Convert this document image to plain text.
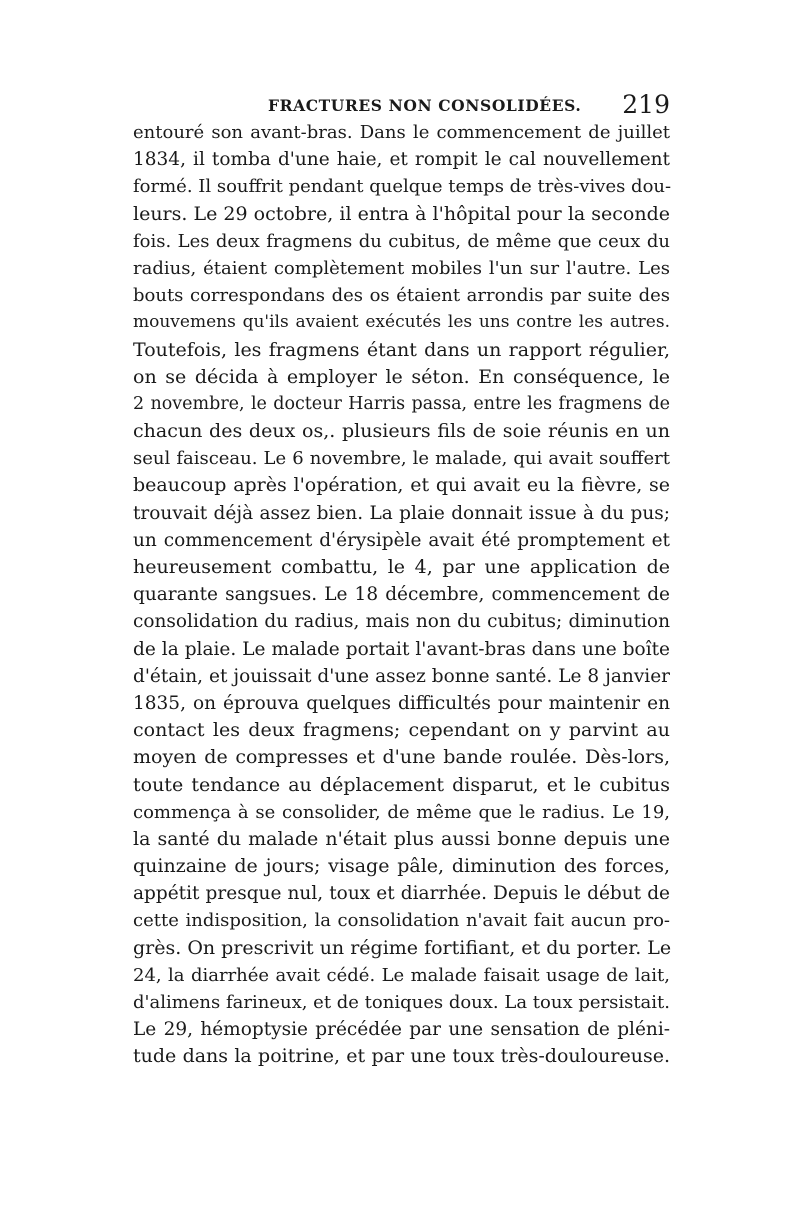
FRACTURES NON CONSOLIDÉES. 219
entouré son avant-bras. Dans le commencement de juillet
1834, il tomba d'une haie, et rompit le cal nouvellement
formé. Il souffrit pendant quelque temps de très-vives dou-
leurs. Le 29 octobre, il entra à l'hôpital pour la seconde
fois. Les deux fragmens du cubitus, de même que ceux du
radius, étaient complètement mobiles l'un sur l'autre. Les
bouts correspondans des os étaient arrondis par suite des
mouvemens qu'ils avaient exécutés les uns contre les autres.
Toutefois, les fragmens étant dans un rapport régulier,
on se décida à employer le séton. En conséquence, le
2 novembre, le docteur Harris passa, entre les fragmens de
chacun des deux os,. plusieurs fils de soie réunis en un
seul faisceau. Le 6 novembre, le malade, qui avait souffert
beaucoup après l'opération, et qui avait eu la fièvre, se
trouvait déjà assez bien. La plaie donnait issue à du pus;
un commencement d'érysipèle avait été promptement et
heureusement combattu, le 4, par une application de
quarante sangsues. Le 18 décembre, commencement de
consolidation du radius, mais non du cubitus; diminution
de la plaie. Le malade portait l'avant-bras dans une boîte
d'étain, et jouissait d'une assez bonne santé. Le 8 janvier
1835, on éprouva quelques difficultés pour maintenir en
contact les deux fragmens; cependant on y parvint au
moyen de compresses et d'une bande roulée. Dès-lors,
toute tendance au déplacement disparut, et le cubitus
commença à se consolider, de même que le radius. Le 19,
la santé du malade n'était plus aussi bonne depuis une
quinzaine de jours; visage pâle, diminution des forces,
appétit presque nul, toux et diarrhée. Depuis le début de
cette indisposition, la consolidation n'avait fait aucun pro-
grès. On prescrivit un régime fortifiant, et du porter. Le
24, la diarrhée avait cédé. Le malade faisait usage de lait,
d'alimens farineux, et de toniques doux. La toux persistait.
Le 29, hémoptysie précédée par une sensation de pléni-
tude dans la poitrine, et par une toux très-douloureuse.
